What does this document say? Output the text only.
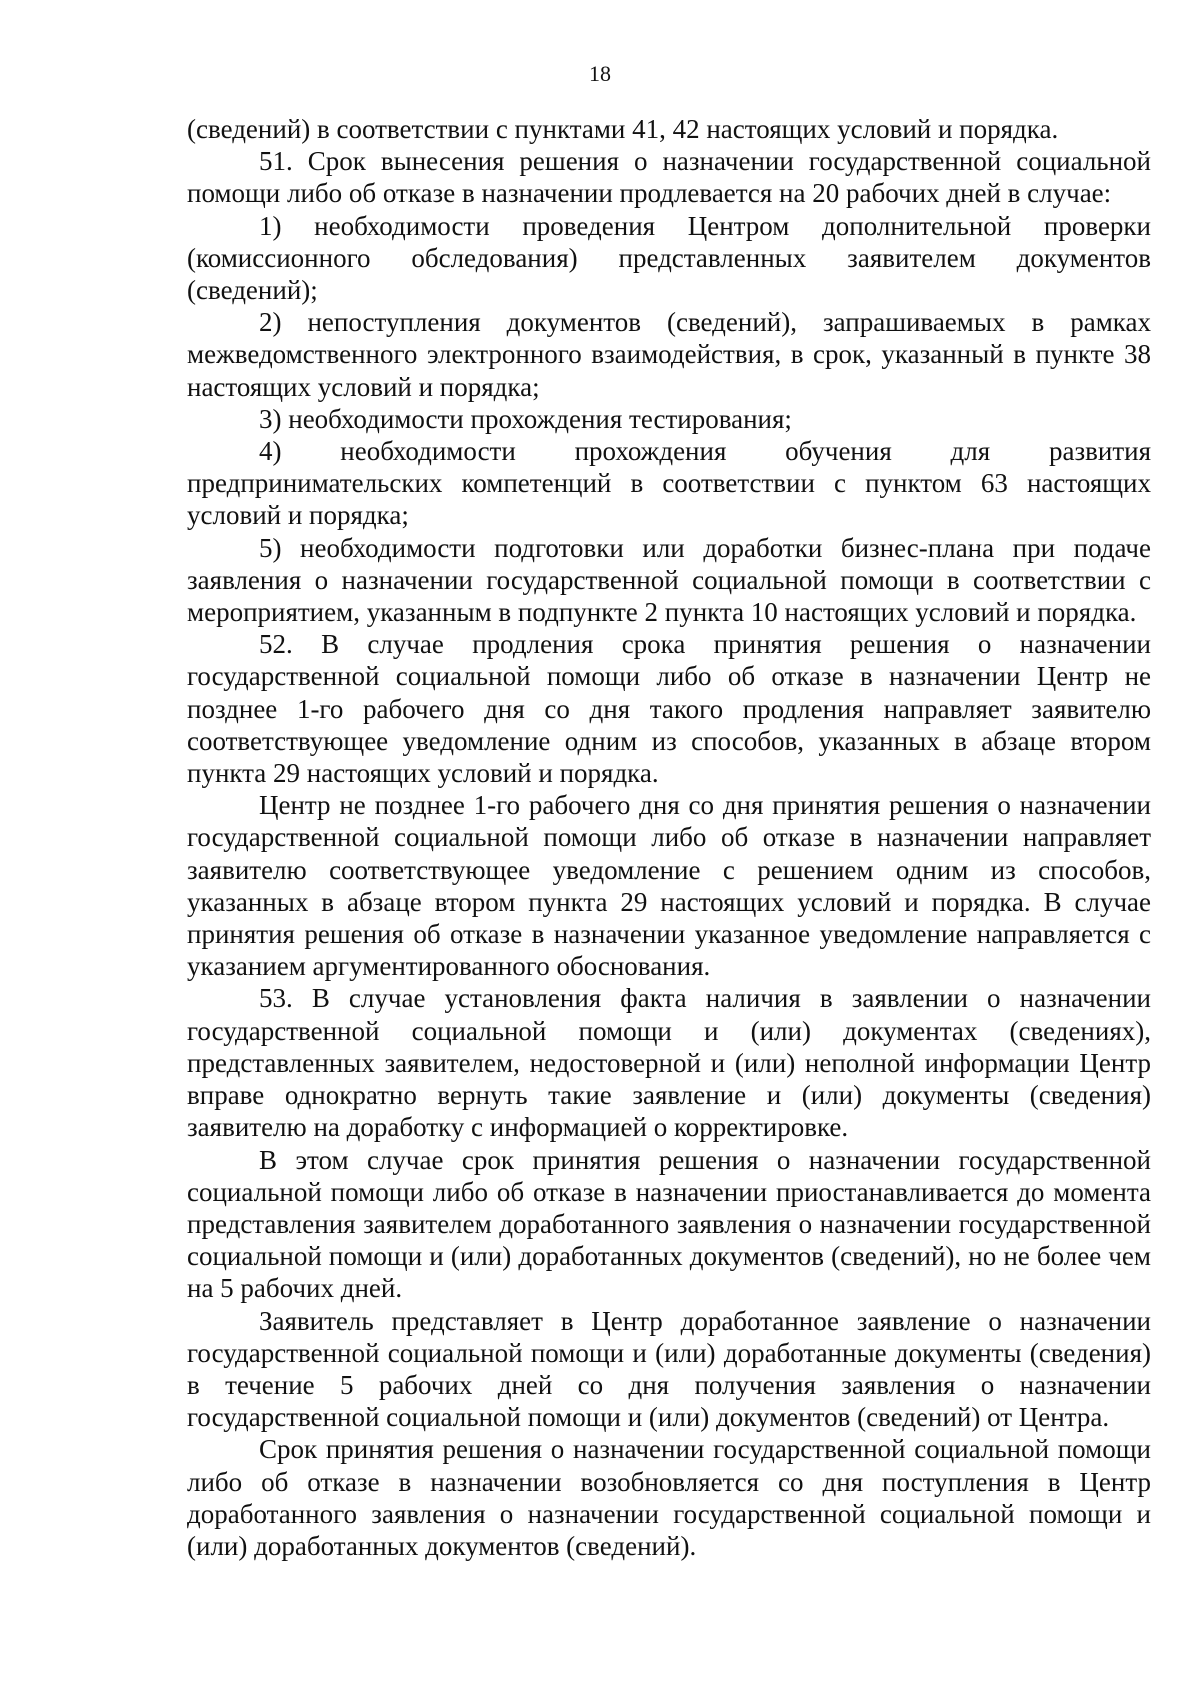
18

(сведений) в соответствии с пунктами 41, 42 настоящих условий и порядка.

51. Срок вынесения решения о назначении государственной социальной помощи либо об отказе в назначении продлевается на 20 рабочих дней в случае:

1) необходимости проведения Центром дополнительной проверки (комиссионного обследования) представленных заявителем документов (сведений);

2) непоступления документов (сведений), запрашиваемых в рамках межведомственного электронного взаимодействия, в срок, указанный в пункте 38 настоящих условий и порядка;

3) необходимости прохождения тестирования;

4) необходимости прохождения обучения для развития предпринимательских компетенций в соответствии с пунктом 63 настоящих условий и порядка;

5) необходимости подготовки или доработки бизнес-плана при подаче заявления о назначении государственной социальной помощи в соответствии с мероприятием, указанным в подпункте 2 пункта 10 настоящих условий и порядка.

52. В случае продления срока принятия решения о назначении государственной социальной помощи либо об отказе в назначении Центр не позднее 1-го рабочего дня со дня такого продления направляет заявителю соответствующее уведомление одним из способов, указанных в абзаце втором пункта 29 настоящих условий и порядка.

Центр не позднее 1-го рабочего дня со дня принятия решения о назначении государственной социальной помощи либо об отказе в назначении направляет заявителю соответствующее уведомление с решением одним из способов, указанных в абзаце втором пункта 29 настоящих условий и порядка. В случае принятия решения об отказе в назначении указанное уведомление направляется с указанием аргументированного обоснования.

53. В случае установления факта наличия в заявлении о назначении государственной социальной помощи и (или) документах (сведениях), представленных заявителем, недостоверной и (или) неполной информации Центр вправе однократно вернуть такие заявление и (или) документы (сведения) заявителю на доработку с информацией о корректировке.

В этом случае срок принятия решения о назначении государственной социальной помощи либо об отказе в назначении приостанавливается до момента представления заявителем доработанного заявления о назначении государственной социальной помощи и (или) доработанных документов (сведений), но не более чем на 5 рабочих дней.

Заявитель представляет в Центр доработанное заявление о назначении государственной социальной помощи и (или) доработанные документы (сведения) в течение 5 рабочих дней со дня получения заявления о назначении государственной социальной помощи и (или) документов (сведений) от Центра.

Срок принятия решения о назначении государственной социальной помощи либо об отказе в назначении возобновляется со дня поступления в Центр доработанного заявления о назначении государственной социальной помощи и (или) доработанных документов (сведений).
